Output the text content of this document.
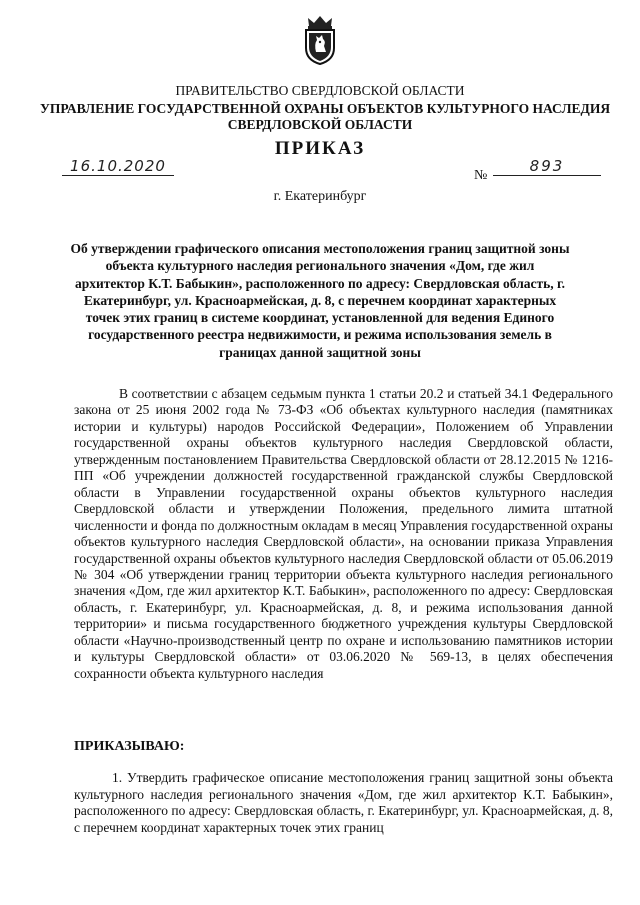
ПРАВИТЕЛЬСТВО СВЕРДЛОВСКОЙ ОБЛАСТИ
УПРАВЛЕНИЕ ГОСУДАРСТВЕННОЙ ОХРАНЫ ОБЪЕКТОВ КУЛЬТУРНОГО НАСЛЕДИЯ
СВЕРДЛОВСКОЙ ОБЛАСТИ
ПРИКАЗ
16.10.2020
№
893
г. Екатеринбург
Об утверждении графического описания местоположения границ защитной зоны объекта культурного наследия регионального значения «Дом, где жил архитектор К.Т. Бабыкин», расположенного по адресу: Свердловская область, г. Екатеринбург, ул. Красноармейская, д. 8, с перечнем координат характерных точек этих границ в системе координат, установленной для ведения Единого государственного реестра недвижимости, и режима использования земель в границах данной защитной зоны

В соответствии с абзацем седьмым пункта 1 статьи 20.2 и статьей 34.1 Федерального закона от 25 июня 2002 года № 73-ФЗ «Об объектах культурного наследия (памятниках истории и культуры) народов Российской Федерации», Положением об Управлении государственной охраны объектов культурного наследия Свердловской области, утвержденным постановлением Правительства Свердловской области от 28.12.2015 № 1216-ПП «Об учреждении должностей государственной гражданской службы Свердловской области в Управлении государственной охраны объектов культурного наследия Свердловской области и утверждении Положения, предельного лимита штатной численности и фонда по должностным окладам в месяц Управления государственной охраны объектов культурного наследия Свердловской области», на основании приказа Управления государственной охраны объектов культурного наследия Свердловской области от 05.06.2019 № 304 «Об утверждении границ территории объекта культурного наследия регионального значения «Дом, где жил архитектор К.Т. Бабыкин», расположенного по адресу: Свердловская область, г. Екатеринбург, ул. Красноармейская, д. 8, и режима использования данной территории» и письма государственного бюджетного учреждения культуры Свердловской области «Научно-производственный центр по охране и использованию памятников истории и культуры Свердловской области» от 03.06.2020 № 569-13, в целях обеспечения сохранности объекта культурного наследия

ПРИКАЗЫВАЮ:

1. Утвердить графическое описание местоположения границ защитной зоны объекта культурного наследия регионального значения «Дом, где жил архитектор К.Т. Бабыкин», расположенного по адресу: Свердловская область, г. Екатеринбург, ул. Красноармейская, д. 8, с перечнем координат характерных точек этих границ
